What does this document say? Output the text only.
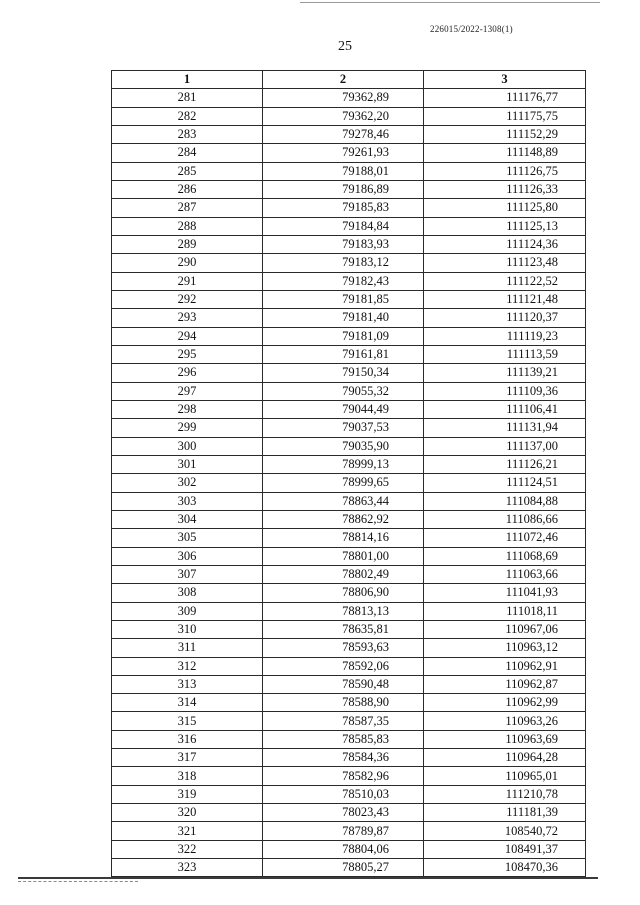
226015/2022-1308(1)
25
1	2	3
281	79362,89	111176,77
282	79362,20	111175,75
283	79278,46	111152,29
284	79261,93	111148,89
285	79188,01	111126,75
286	79186,89	111126,33
287	79185,83	111125,80
288	79184,84	111125,13
289	79183,93	111124,36
290	79183,12	111123,48
291	79182,43	111122,52
292	79181,85	111121,48
293	79181,40	111120,37
294	79181,09	111119,23
295	79161,81	111113,59
296	79150,34	111139,21
297	79055,32	111109,36
298	79044,49	111106,41
299	79037,53	111131,94
300	79035,90	111137,00
301	78999,13	111126,21
302	78999,65	111124,51
303	78863,44	111084,88
304	78862,92	111086,66
305	78814,16	111072,46
306	78801,00	111068,69
307	78802,49	111063,66
308	78806,90	111041,93
309	78813,13	111018,11
310	78635,81	110967,06
311	78593,63	110963,12
312	78592,06	110962,91
313	78590,48	110962,87
314	78588,90	110962,99
315	78587,35	110963,26
316	78585,83	110963,69
317	78584,36	110964,28
318	78582,96	110965,01
319	78510,03	111210,78
320	78023,43	111181,39
321	78789,87	108540,72
322	78804,06	108491,37
323	78805,27	108470,36
